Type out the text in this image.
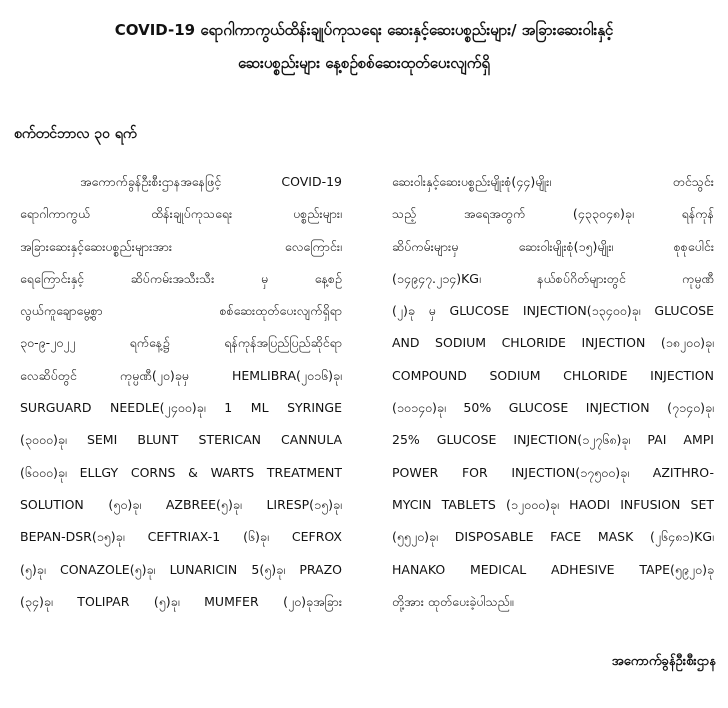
COVID-19 ရောဂါကာကွယ်ထိန်းချုပ်ကုသရေး ဆေးနှင့်ဆေးပစ္စည်းများ/ အခြားဆေးဝါးနှင့်
ဆေးပစ္စည်းများ နေ့စဉ်စစ်ဆေးထုတ်ပေးလျက်ရှိ
စက်တင်ဘာလ ၃၀ ရက်
အကောက်ခွန်ဦးစီးဌာနအနေဖြင့် COVID-19
ရောဂါကာကွယ် ထိန်းချုပ်ကုသရေး ပစ္စည်းများ၊
အခြားဆေးနှင့်ဆေးပစ္စည်းများအား လေကြောင်း၊
ရေကြောင်းနှင့် ဆိပ်ကမ်းအသီးသီး မှ နေ့စဉ်
လွယ်ကူချောမွေ့စွာ စစ်ဆေးထုတ်ပေးလျက်ရှိရာ
၃၀-၉-၂၀၂၂ ရက်နေ့၌ ရန်ကုန်အပြည်ပြည်ဆိုင်ရာ
လေဆိပ်တွင် ကုမ္ပဏီ(၂၀)ခုမှ HEMLIBRA(၂၀၁၆)ခု၊
SURGUARD NEEDLE(၂၄၀၀)ခု၊ 1 ML SYRINGE
(၃၀၀၀)ခု၊ SEMI BLUNT STERICAN CANNULA
(၆၀၀၀)ခု၊ ELLGY CORNS & WARTS TREATMENT
SOLUTION (၅၀)ခု၊ AZBREE(၅)ခု၊ LIRESP(၁၅)ခု၊
BEPAN-DSR(၁၅)ခု၊ CEFTRIAX-1 (၆)ခု၊ CEFROX
(၅)ခု၊ CONAZOLE(၅)ခု၊ LUNARICIN 5(၅)ခု၊ PRAZO
(၃၄)ခု၊ TOLIPAR (၅)ခု၊ MUMFER (၂၀)ခုအခြား
ဆေးဝါးနှင့်ဆေးပစ္စည်းမျိုးစုံ(၄၄)မျိုး၊ တင်သွင်း
သည့် အရေအတွက် (၄၃၃၀၄၈)ခု၊ ရန်ကုန်
ဆိပ်ကမ်းများမှ ဆေးဝါးမျိုးစုံ(၁၅)မျိုး၊ စုစုပေါင်း
(၁၄၉၄၇.၂၁၄)KG၊ နယ်စပ်ဂိတ်များတွင် ကုမ္ပဏီ
(၂)ခု မှ GLUCOSE INJECTION(၁၃၄၀၀)ခု၊ GLUCOSE
AND SODIUM CHLORIDE INJECTION (၁၈၂၀၀)ခု၊
COMPOUND SODIUM CHLORIDE INJECTION
(၁၀၁၄၀)ခု၊ 50% GLUCOSE INJECTION (၇၁၄၀)ခု၊
25% GLUCOSE INJECTION(၁၂၇၆၈)ခု၊ PAI AMPI
POWER FOR INJECTION(၁၇၅၀၀)ခု၊ AZITHRO-
MYCIN TABLETS (၁၂၀၀၀)ခု၊ HAODI INFUSION SET
(၅၅၂၀)ခု၊ DISPOSABLE FACE MASK (၂၆၄၈၁)KG၊
HANAKO MEDICAL ADHESIVE TAPE(၅၉၂၀)ခု
တို့အား ထုတ်ပေးခဲ့ပါသည်။
အကောက်ခွန်ဦးစီးဌာန
